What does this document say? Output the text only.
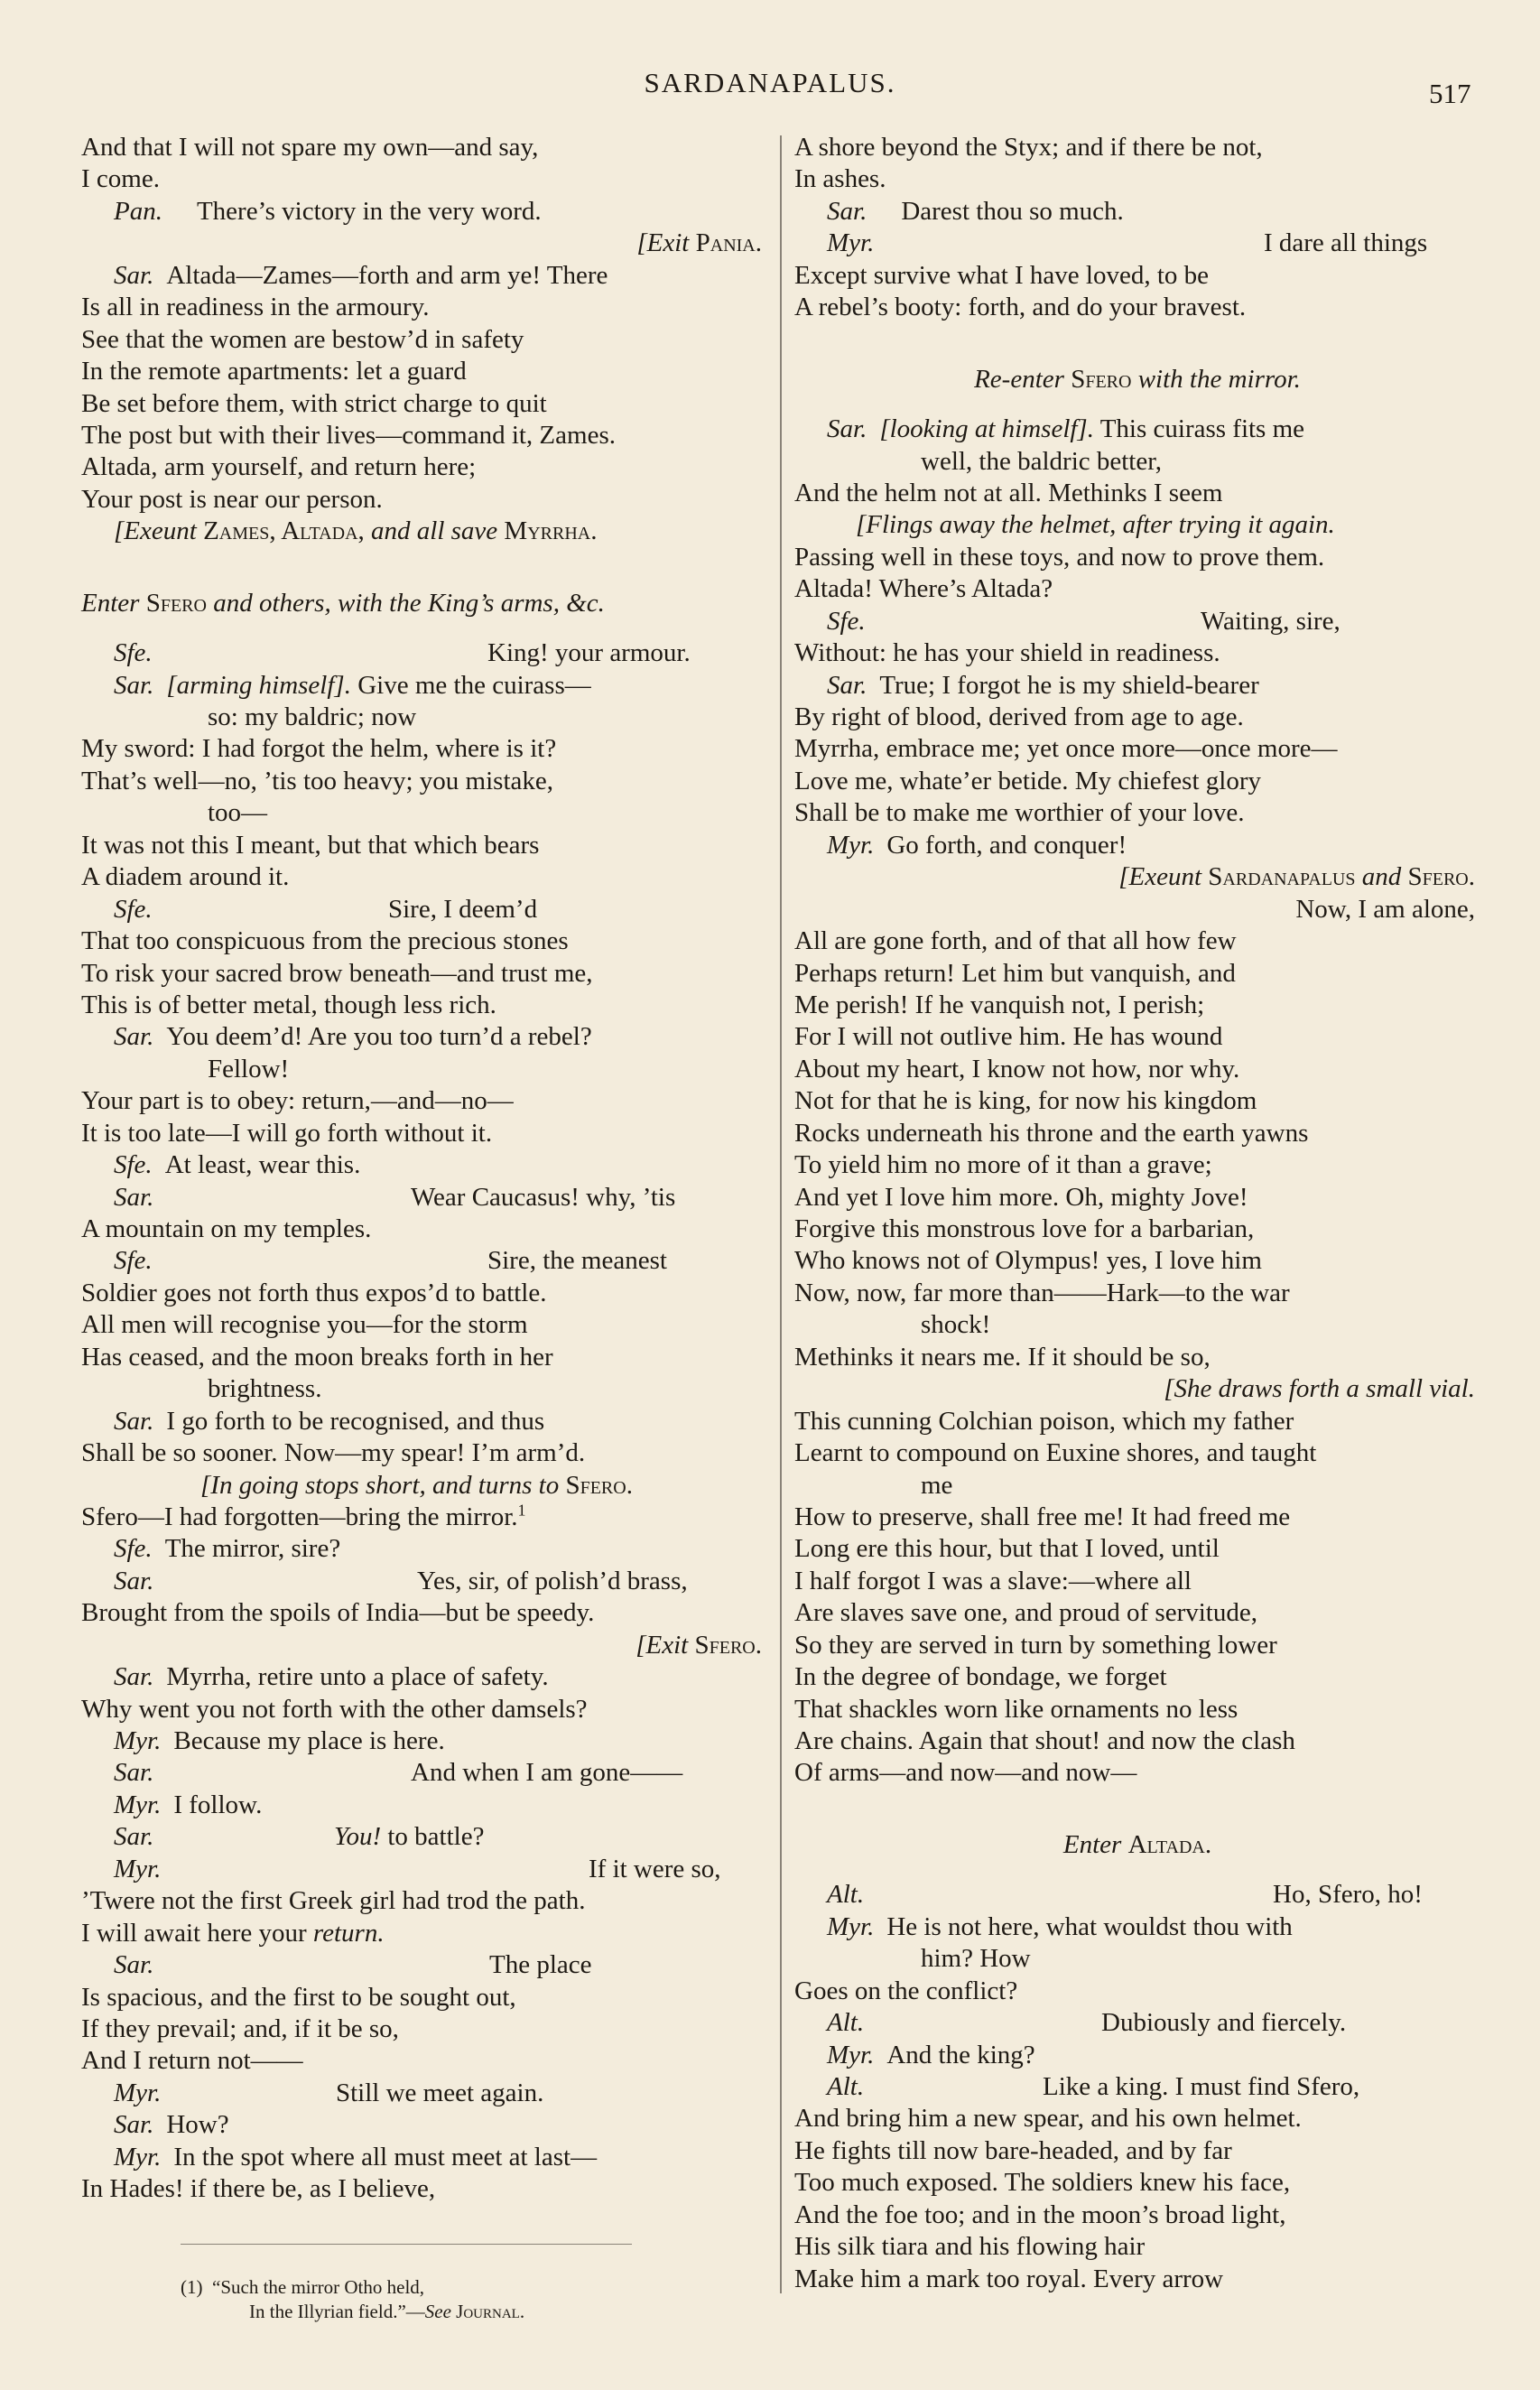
SARDANAPALUS.	517
And that I will not spare my own—and say,
I come.
Pan. There’s victory in the very word.
[Exit Pania.
Sar. Altada—Zames—forth and arm ye! There
Is all in readiness in the armoury.
See that the women are bestow’d in safety
In the remote apartments: let a guard
Be set before them, with strict charge to quit
The post but with their lives—command it, Zames.
Altada, arm yourself, and return here;
Your post is near our person.
[Exeunt Zames, Altada, and all save Myrrha.
Enter Sfero and others, with the King’s arms, &c.
Sfe.	King! your armour.
Sar. [arming himself]. Give me the cuirass—
so: my baldric; now
My sword: I had forgot the helm, where is it?
That’s well—no, ’tis too heavy; you mistake,
too—
It was not this I meant, but that which bears
A diadem around it.
Sfe.	Sire, I deem’d
That too conspicuous from the precious stones
To risk your sacred brow beneath—and trust me,
This is of better metal, though less rich.
Sar. You deem’d! Are you too turn’d a rebel?
Fellow!
Your part is to obey: return,—and—no—
It is too late—I will go forth without it.
Sfe. At least, wear this.
Sar.	Wear Caucasus! why, ’tis
A mountain on my temples.
Sfe.	Sire, the meanest
Soldier goes not forth thus expos’d to battle.
All men will recognise you—for the storm
Has ceased, and the moon breaks forth in her
brightness.
Sar. I go forth to be recognised, and thus
Shall be so sooner. Now—my spear! I’m arm’d.
[In going stops short, and turns to Sfero.
Sfero—I had forgotten—bring the mirror.$^1$
Sfe. The mirror, sire?
Sar.	Yes, sir, of polish’d brass,
Brought from the spoils of India—but be speedy.
[Exit Sfero.
Sar. Myrrha, retire unto a place of safety.
Why went you not forth with the other damsels?
Myr. Because my place is here.
Sar.	And when I am gone——
Myr. I follow.
Sar.	You! to battle?
Myr.	If it were so,
’Twere not the first Greek girl had trod the path.
I will await here your return.
Sar.	The place
Is spacious, and the first to be sought out,
If they prevail; and, if it be so,
And I return not——
Myr.	Still we meet again.
Sar. How?
Myr. In the spot where all must meet at last—
In Hades! if there be, as I believe,
(1) “Such the mirror Otho held,
In the Illyrian field.”—See Journal.
A shore beyond the Styx; and if there be not,
In ashes.
Sar. Darest thou so much.
Myr.	I dare all things
Except survive what I have loved, to be
A rebel’s booty: forth, and do your bravest.
Re-enter Sfero with the mirror.
Sar. [looking at himself]. This cuirass fits me
well, the baldric better,
And the helm not at all. Methinks I seem
[Flings away the helmet, after trying it again.
Passing well in these toys, and now to prove them.
Altada! Where’s Altada?
Sfe.	Waiting, sire,
Without: he has your shield in readiness.
Sar. True; I forgot he is my shield-bearer
By right of blood, derived from age to age.
Myrrha, embrace me; yet once more—once more—
Love me, whate’er betide. My chiefest glory
Shall be to make me worthier of your love.
Myr. Go forth, and conquer!
[Exeunt Sardanapalus and Sfero.
Now, I am alone,
All are gone forth, and of that all how few
Perhaps return! Let him but vanquish, and
Me perish! If he vanquish not, I perish;
For I will not outlive him. He has wound
About my heart, I know not how, nor why.
Not for that he is king, for now his kingdom
Rocks underneath his throne and the earth yawns
To yield him no more of it than a grave;
And yet I love him more. Oh, mighty Jove!
Forgive this monstrous love for a barbarian,
Who knows not of Olympus! yes, I love him
Now, now, far more than——Hark—to the war
shock!
Methinks it nears me. If it should be so,
[She draws forth a small vial.
This cunning Colchian poison, which my father
Learnt to compound on Euxine shores, and taught
me
How to preserve, shall free me! It had freed me
Long ere this hour, but that I loved, until
I half forgot I was a slave:—where all
Are slaves save one, and proud of servitude,
So they are served in turn by something lower
In the degree of bondage, we forget
That shackles worn like ornaments no less
Are chains. Again that shout! and now the clash
Of arms—and now—and now—
Enter Altada.
Alt.	Ho, Sfero, ho!
Myr. He is not here, what wouldst thou with
him? How
Goes on the conflict?
Alt.	Dubiously and fiercely.
Myr. And the king?
Alt.	Like a king. I must find Sfero,
And bring him a new spear, and his own helmet.
He fights till now bare-headed, and by far
Too much exposed. The soldiers knew his face,
And the foe too; and in the moon’s broad light,
His silk tiara and his flowing hair
Make him a mark too royal. Every arrow
